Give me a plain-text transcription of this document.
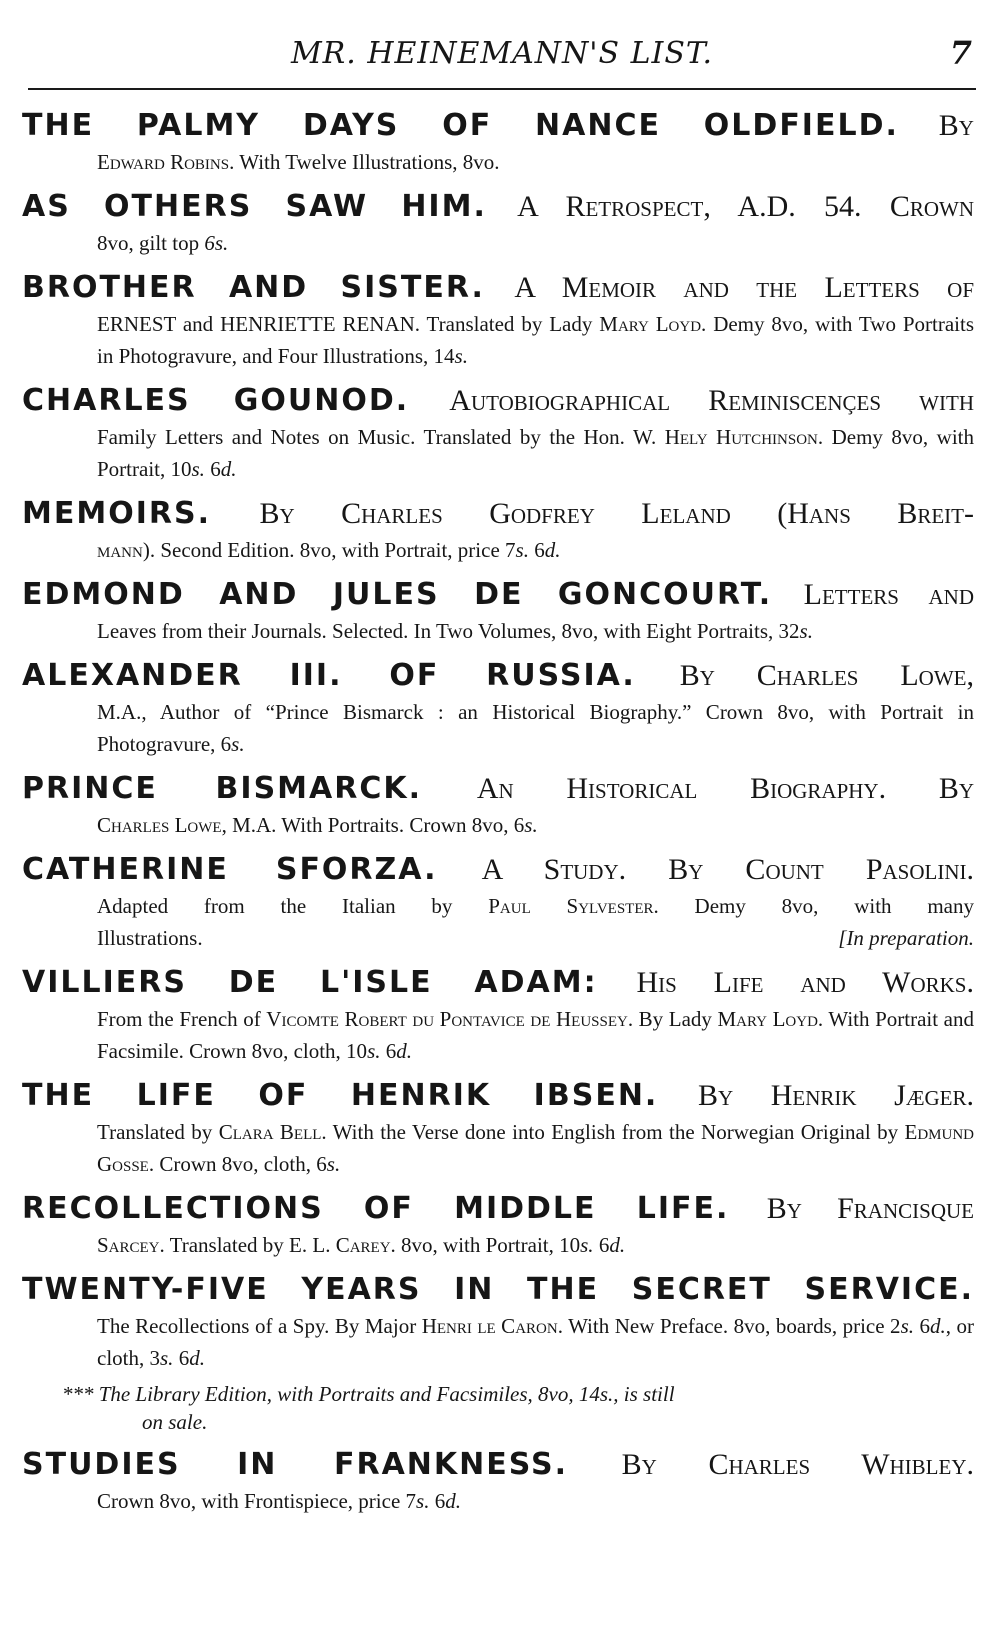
MR. HEINEMANN'S LIST.	7
THE PALMY DAYS OF NANCE OLDFIELD. By
Edward Robins. With Twelve Illustrations, 8vo.
AS OTHERS SAW HIM. A Retrospect, A.D. 54. Crown
8vo, gilt top 6s.
BROTHER AND SISTER. A Memoir and the Letters of
ERNEST and HENRIETTE RENAN. Translated by Lady Mary Loyd. Demy 8vo, with Two Portraits in Photogravure, and Four Illustrations, 14s.
CHARLES GOUNOD. Autobiographical Reminiscençes with
Family Letters and Notes on Music. Translated by the Hon. W. Hely Hutchinson. Demy 8vo, with Portrait, 10s. 6d.
MEMOIRS. By Charles Godfrey Leland (Hans Breit-
mann). Second Edition. 8vo, with Portrait, price 7s. 6d.
EDMOND AND JULES DE GONCOURT. Letters and
Leaves from their Journals. Selected. In Two Volumes, 8vo, with Eight Portraits, 32s.
ALEXANDER III. OF RUSSIA. By Charles Lowe,
M.A., Author of “Prince Bismarck : an Historical Biography.” Crown 8vo, with Portrait in Photogravure, 6s.
PRINCE BISMARCK. An Historical Biography. By
Charles Lowe, M.A. With Portraits. Crown 8vo, 6s.
CATHERINE SFORZA. A Study. By Count Pasolini.
Adapted from the Italian by Paul Sylvester. Demy 8vo, with many
Illustrations.	[In preparation.
VILLIERS DE L'ISLE ADAM: His Life and Works.
From the French of Vicomte Robert du Pontavice de Heussey. By Lady Mary Loyd. With Portrait and Facsimile. Crown 8vo, cloth, 10s. 6d.
THE LIFE OF HENRIK IBSEN. By Henrik Jæger.
Translated by Clara Bell. With the Verse done into English from the Norwegian Original by Edmund Gosse. Crown 8vo, cloth, 6s.
RECOLLECTIONS OF MIDDLE LIFE. By Francisque
Sarcey. Translated by E. L. Carey. 8vo, with Portrait, 10s. 6d.
TWENTY-FIVE YEARS IN THE SECRET SERVICE.
The Recollections of a Spy. By Major Henri le Caron. With New Preface. 8vo, boards, price 2s. 6d., or cloth, 3s. 6d.
*** The Library Edition, with Portraits and Facsimiles, 8vo, 14s., is still
on sale.
STUDIES IN FRANKNESS. By Charles Whibley.
Crown 8vo, with Frontispiece, price 7s. 6d.
